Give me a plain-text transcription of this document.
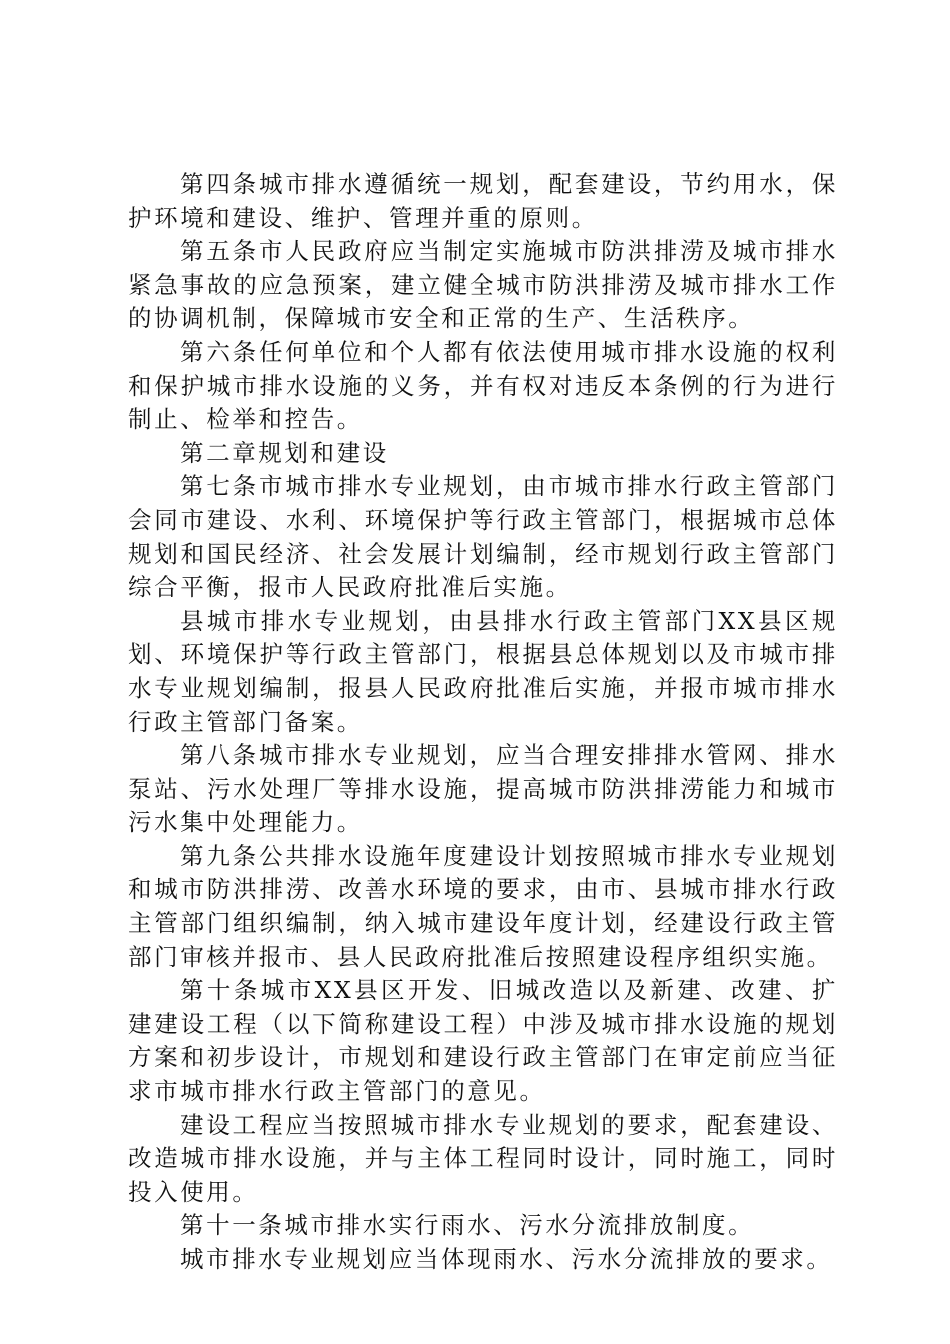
第四条城市排水遵循统一规划，配套建设，节约用水，保护环境和建设、维护、管理并重的原则。

第五条市人民政府应当制定实施城市防洪排涝及城市排水紧急事故的应急预案，建立健全城市防洪排涝及城市排水工作的协调机制，保障城市安全和正常的生产、生活秩序。

第六条任何单位和个人都有依法使用城市排水设施的权利和保护城市排水设施的义务，并有权对违反本条例的行为进行制止、检举和控告。

第二章规划和建设

第七条市城市排水专业规划，由市城市排水行政主管部门会同市建设、水利、环境保护等行政主管部门，根据城市总体规划和国民经济、社会发展计划编制，经市规划行政主管部门综合平衡，报市人民政府批准后实施。

县城市排水专业规划，由县排水行政主管部门XX县区规划、环境保护等行政主管部门，根据县总体规划以及市城市排水专业规划编制，报县人民政府批准后实施，并报市城市排水行政主管部门备案。

第八条城市排水专业规划，应当合理安排排水管网、排水泵站、污水处理厂等排水设施，提高城市防洪排涝能力和城市污水集中处理能力。

第九条公共排水设施年度建设计划按照城市排水专业规划和城市防洪排涝、改善水环境的要求，由市、县城市排水行政主管部门组织编制，纳入城市建设年度计划，经建设行政主管部门审核并报市、县人民政府批准后按照建设程序组织实施。

第十条城市XX县区开发、旧城改造以及新建、改建、扩建建设工程（以下简称建设工程）中涉及城市排水设施的规划方案和初步设计，市规划和建设行政主管部门在审定前应当征求市城市排水行政主管部门的意见。

建设工程应当按照城市排水专业规划的要求，配套建设、改造城市排水设施，并与主体工程同时设计，同时施工，同时投入使用。

第十一条城市排水实行雨水、污水分流排放制度。

城市排水专业规划应当体现雨水、污水分流排放的要求。
